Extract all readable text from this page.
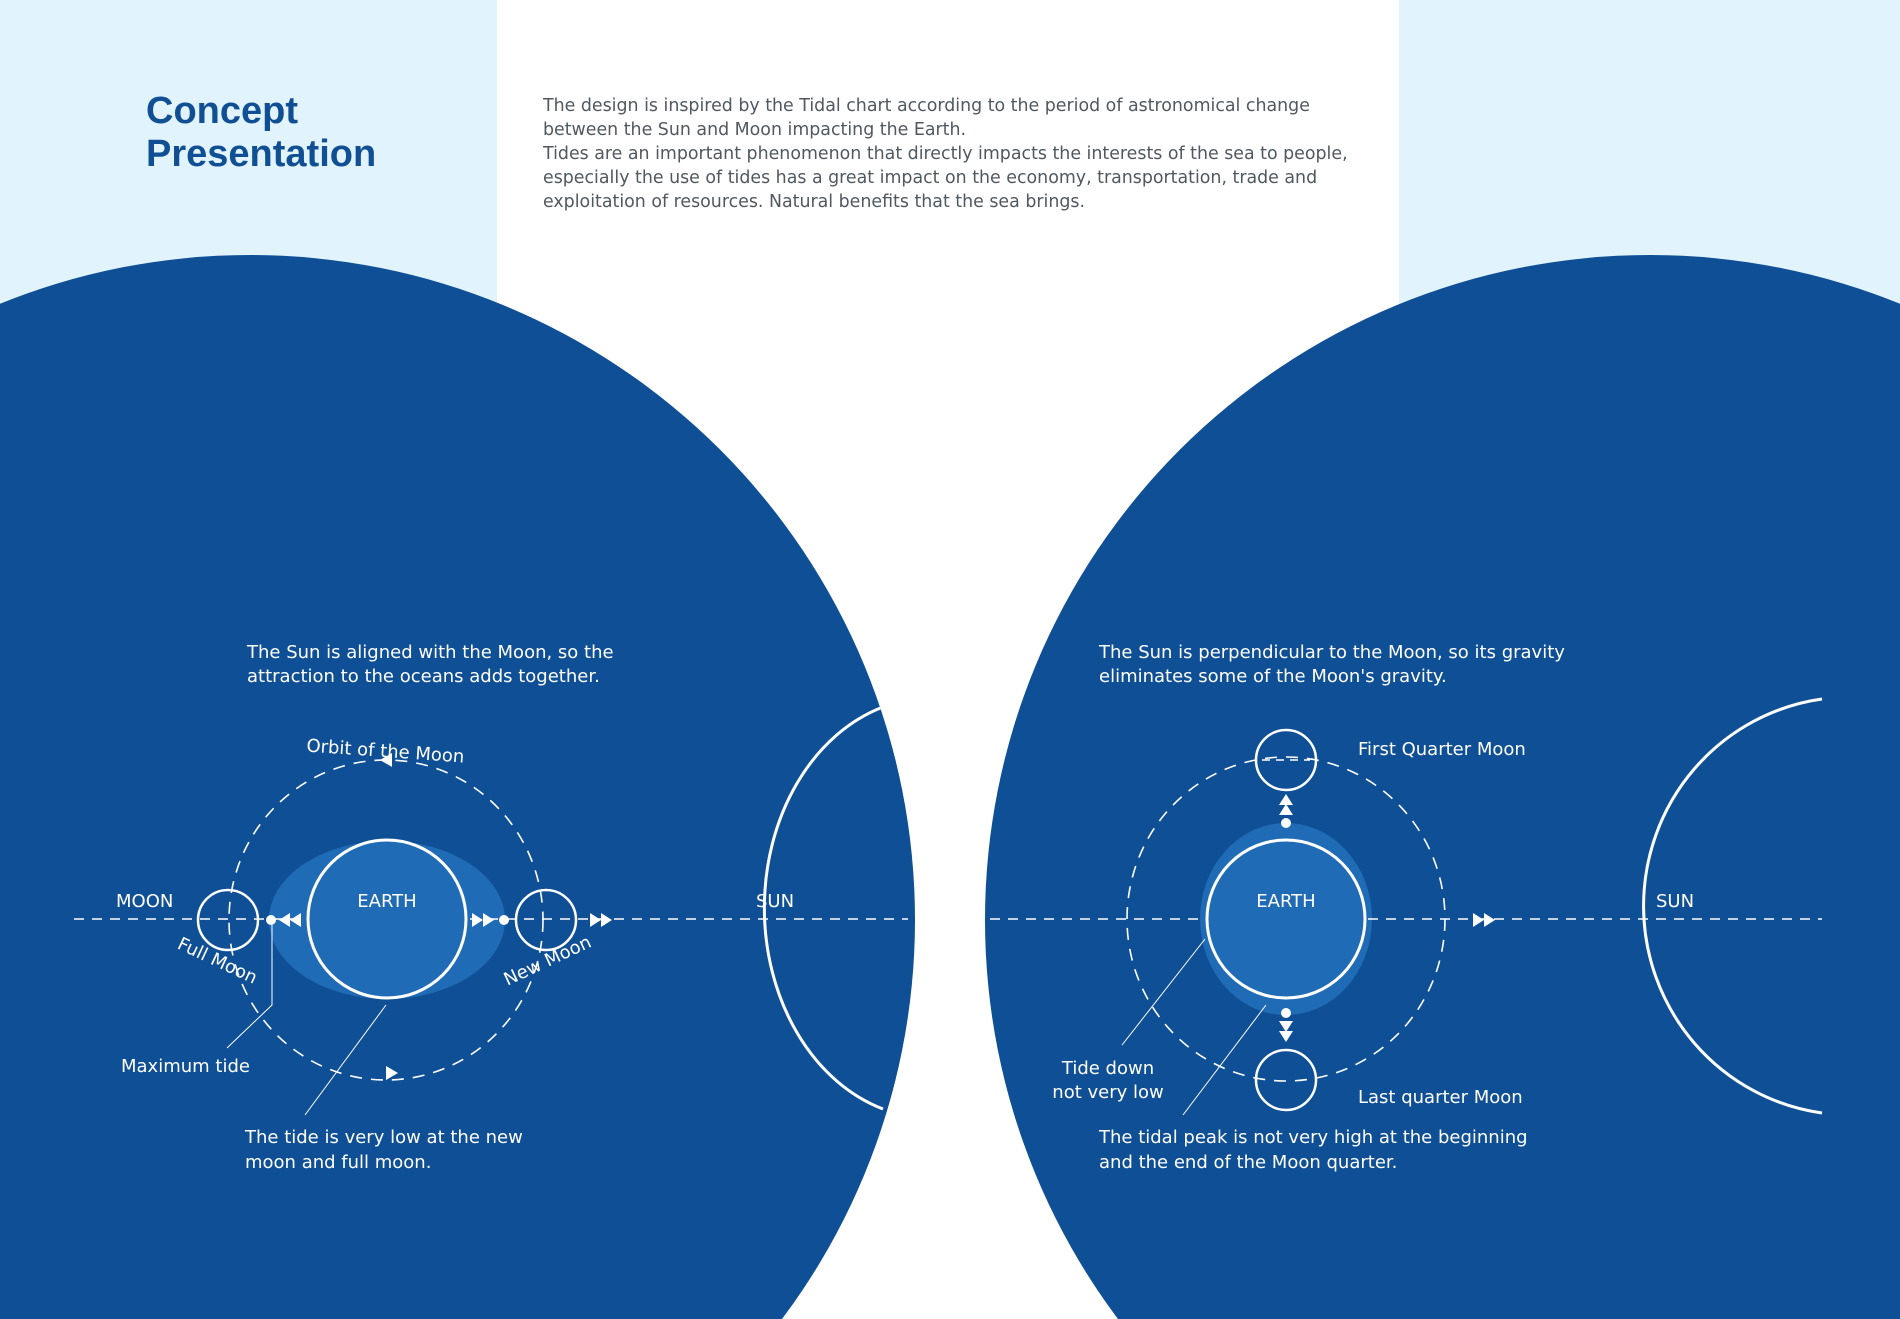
Concept
Presentation

The design is inspired by the Tidal chart according to the period of astronomical change between the Sun and Moon impacting the Earth.

Tides are an important phenomenon that directly impacts the interests of the sea to people, especially the use of tides has a great impact on the economy, transportation, trade and exploitation of resources. Natural benefits that the sea brings.

The Sun is aligned with the Moon, so the
attraction to the oceans adds together.
MOON	EARTH	SUN
Orbit of the Moon
Full Moon	New Moon
Maximum tide
The tide is very low at the new
moon and full moon.
The Sun is perpendicular to the Moon, so its gravity
eliminates some of the Moon's gravity.
EARTH	SUN
First Quarter Moon
Last quarter Moon
Tide down
not very low
The tidal peak is not very high at the beginning
and the end of the Moon quarter.
